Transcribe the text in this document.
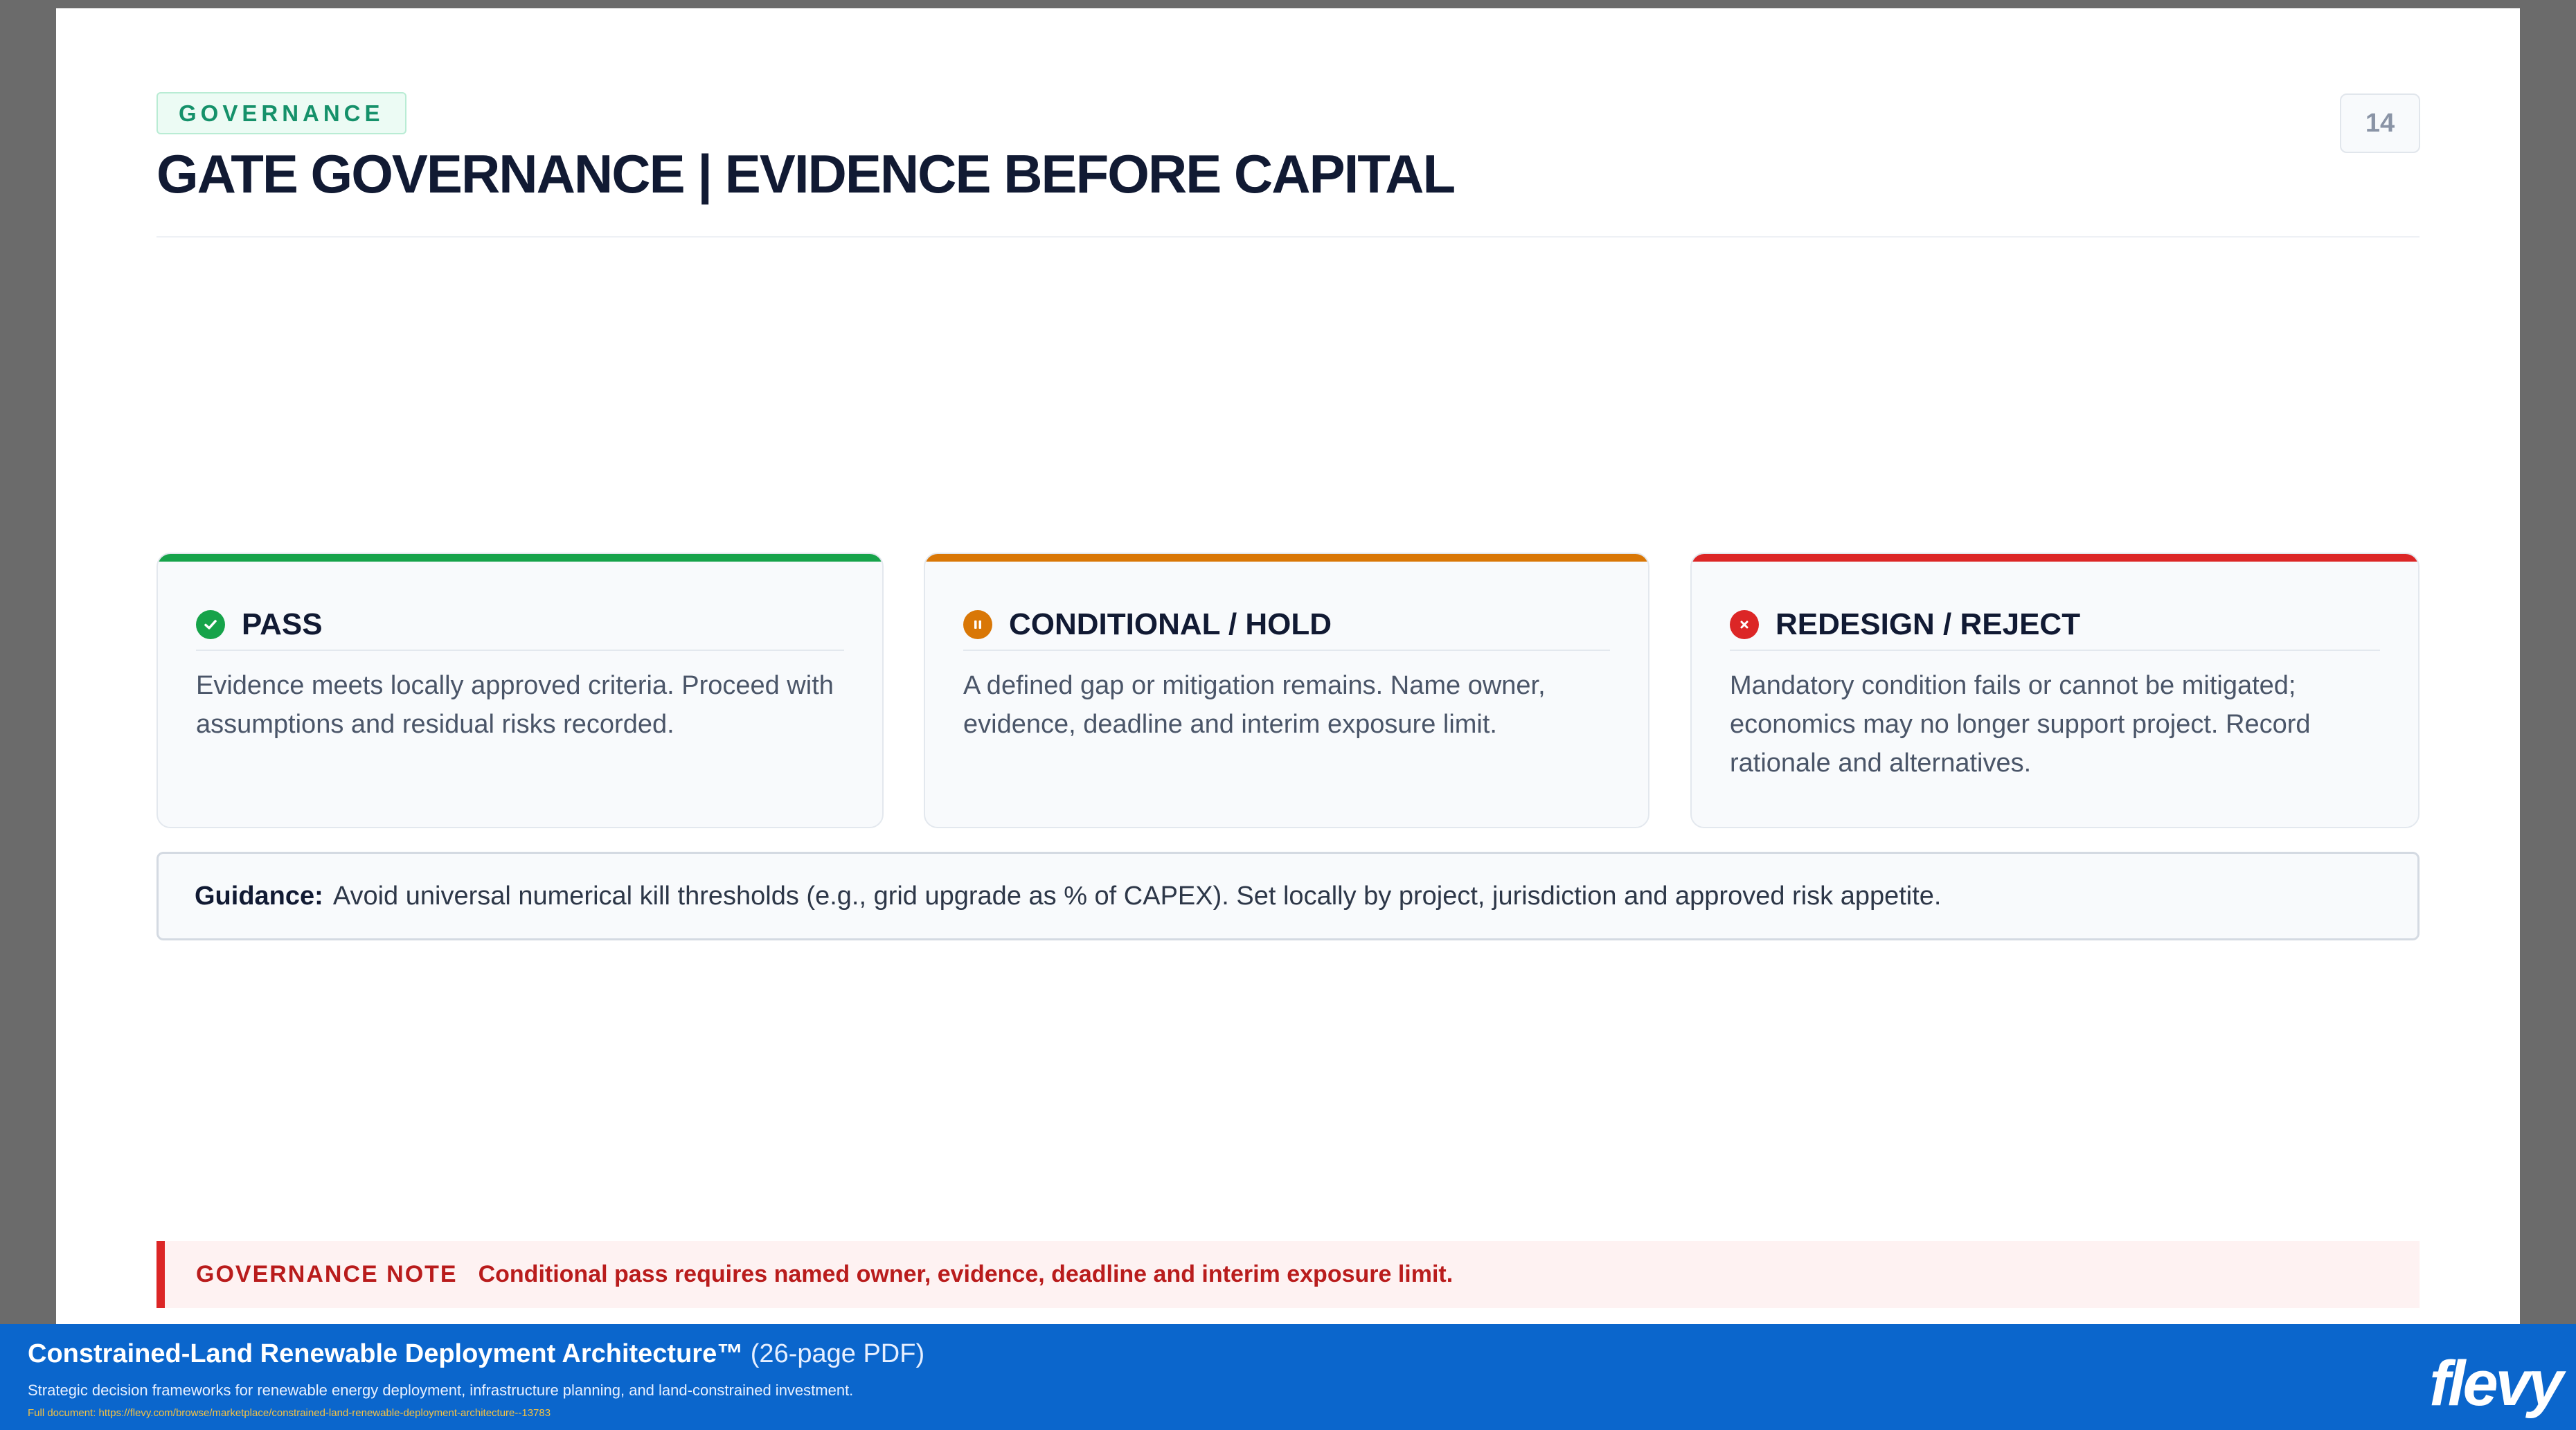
GOVERNANCE
GATE GOVERNANCE | EVIDENCE BEFORE CAPITAL
14
PASS
Evidence meets locally approved criteria. Proceed with assumptions and residual risks recorded.
CONDITIONAL / HOLD
A defined gap or mitigation remains. Name owner, evidence, deadline and interim exposure limit.
REDESIGN / REJECT
Mandatory condition fails or cannot be mitigated; economics may no longer support project. Record rationale and alternatives.
Guidance: Avoid universal numerical kill thresholds (e.g., grid upgrade as % of CAPEX). Set locally by project, jurisdiction and approved risk appetite.
GOVERNANCE NOTE Conditional pass requires named owner, evidence, deadline and interim exposure limit.
Constrained-Land Renewable Deployment Architecture™ (26-page PDF)
Strategic decision frameworks for renewable energy deployment, infrastructure planning, and land-constrained investment.
Full document: https://flevy.com/browse/marketplace/constrained-land-renewable-deployment-architecture--13783	flevy
